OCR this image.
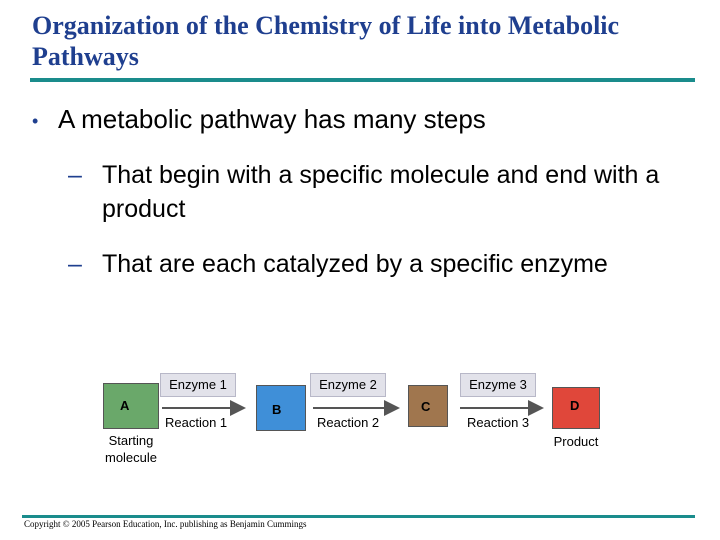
Organization of the Chemistry of Life into Metabolic Pathways
• A metabolic pathway has many steps
– That begin with a specific molecule and end with a product
– That are each catalyzed by a specific enzyme
A	B	C	D
Enzyme 1	Enzyme 2	Enzyme 3
Reaction 1	Reaction 2	Reaction 3
Starting molecule
Product
Copyright © 2005 Pearson Education, Inc. publishing as Benjamin Cummings
